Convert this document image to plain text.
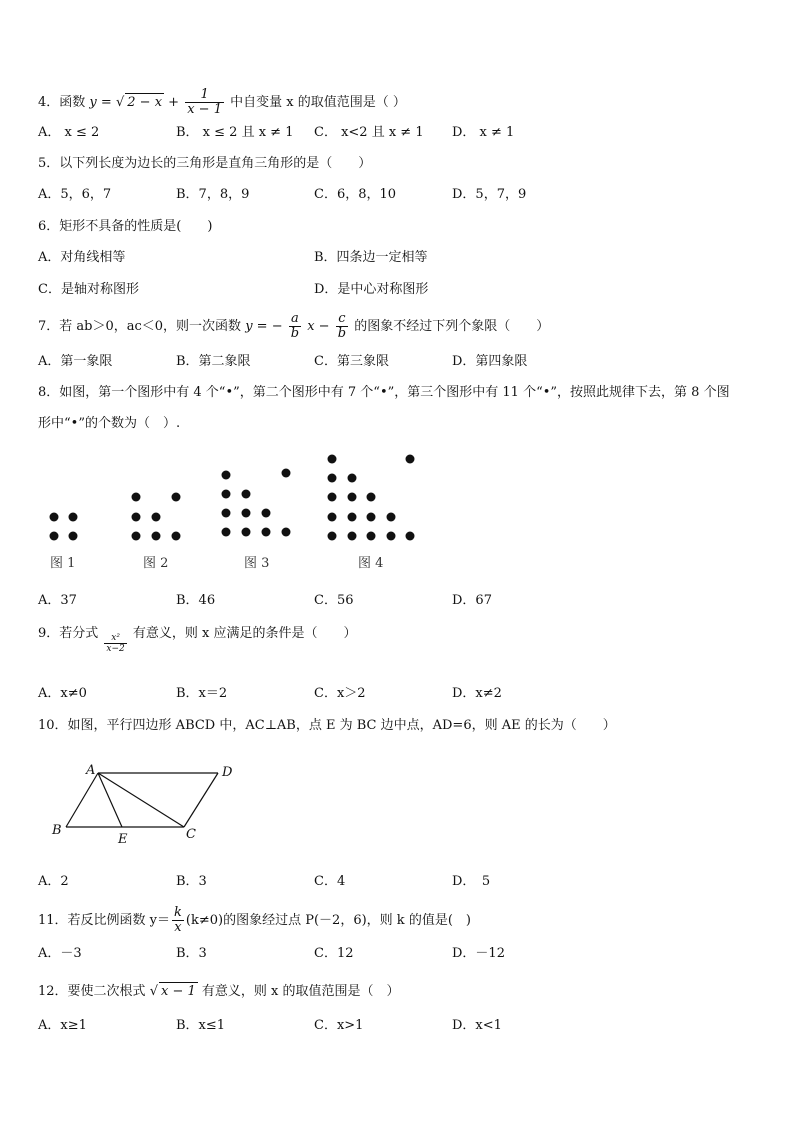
4．函数 y = √ $2 - x + \frac{1}{x - 1}$ 中自变量 x 的取值范围是（ ）
A． x ≤ 2	B． x ≤ 2 且 x ≠ 1 C． x<2 且 x ≠ 1 D． x ≠ 1
5．以下列长度为边长的三角形是直角三角形的是（　　）
A．5，6，7	B．7，8，9	C．6，8，10	D．5，7，9
6．矩形不具备的性质是(　　)
A．对角线相等	B．四条边一定相等
C．是轴对称图形	D．是中心对称图形
7．若 ab＞0，ac＜0，则一次函数 y = − $\frac{a}{b}$ $x - \frac{c}{b}$ 的图象不经过下列个象限（　　）
A．第一象限	B．第二象限	C．第三象限	D．第四象限
8．如图，第一个图形中有 4 个“•”，第二个图形中有 7 个“•”，第三个图形中有 11 个“•”，按照此规律下去，第 8 个图
形中“•”的个数为（　）.
图 1	图 2	图 3	图 4
A．37	B．46	C．56	D．67
9．若分式 $\frac{\text{x²}}{x-2}$ 有意义，则 x 应满足的条件是（　　）
A．x≠0	B．x＝2	C．x＞2	D．x≠2
10．如图，平行四边形 ABCD 中，AC⊥AB，点 E 为 BC 边中点，AD=6，则 AE 的长为（　　）
A	D
B
E	C
A．2	B．3	C．4	D．　5
11．若反比例函数 $y= \frac{k}{x} (k\ne 0)$的图象经过点 P(－2，6)，则 k 的值是(　)
A．－3	B．3	C．12	D．－12
12．要使二次根式 √ x − 1 有意义，则 x 的取值范围是（　）
A．x≥1	B．x≤1	C．x>1	D．x<1
